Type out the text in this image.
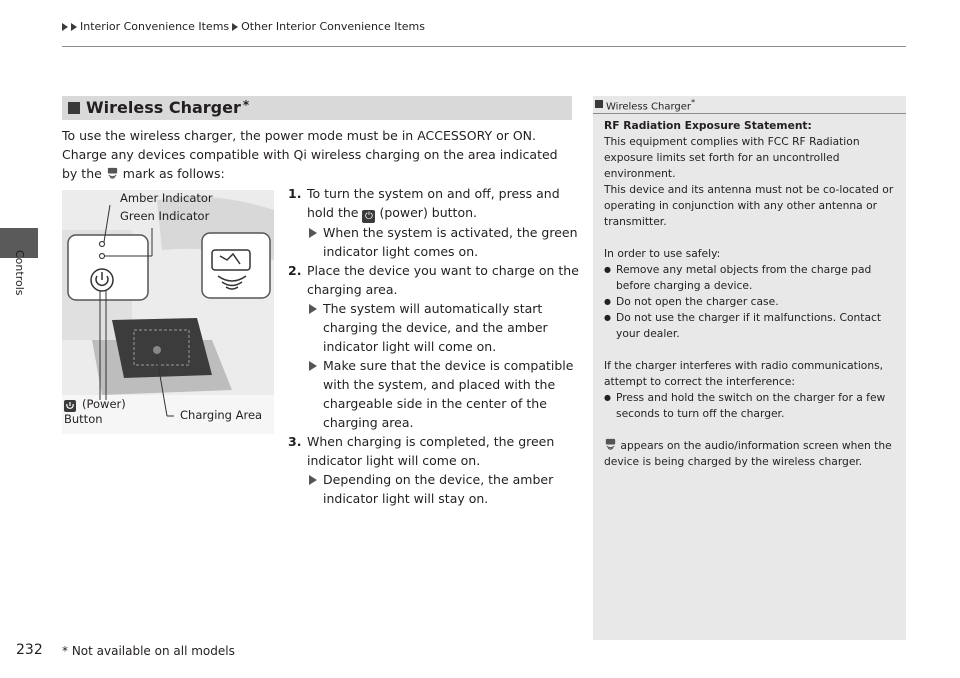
Interior Convenience Items Other Interior Convenience Items
Controls
Wireless Charger *
To use the wireless charger, the power mode must be in ACCESSORY or ON. Charge any devices compatible with Qi wireless charging on the area indicated by the mark as follows:
Amber Indicator
Green Indicator
(Power)
Button	Charging Area
1. To turn the system on and off, press and hold the ⏻ (power) button.
When the system is activated, the green indicator light comes on.
2. Place the device you want to charge on the charging area.
The system will automatically start charging the device, and the amber indicator light will come on.
Make sure that the device is compatible with the system, and placed with the chargeable side in the center of the charging area.
3. When charging is completed, the green indicator light will come on.
Depending on the device, the amber indicator light will stay on.
Wireless Charger*

RF Radiation Exposure Statement:

This equipment complies with FCC RF Radiation exposure limits set forth for an uncontrolled environment.

This device and its antenna must not be co-located or operating in conjunction with any other antenna or transmitter.

In order to use safely:

● Remove any metal objects from the charge pad before charging a device.

● Do not open the charger case.

● Do not use the charger if it malfunctions. Contact your dealer.

If the charger interferes with radio communications, attempt to correct the interference:

● Press and hold the switch on the charger for a few seconds to turn off the charger.

appears on the audio/information screen when the device is being charged by the wireless charger.

232 * Not available on all models
